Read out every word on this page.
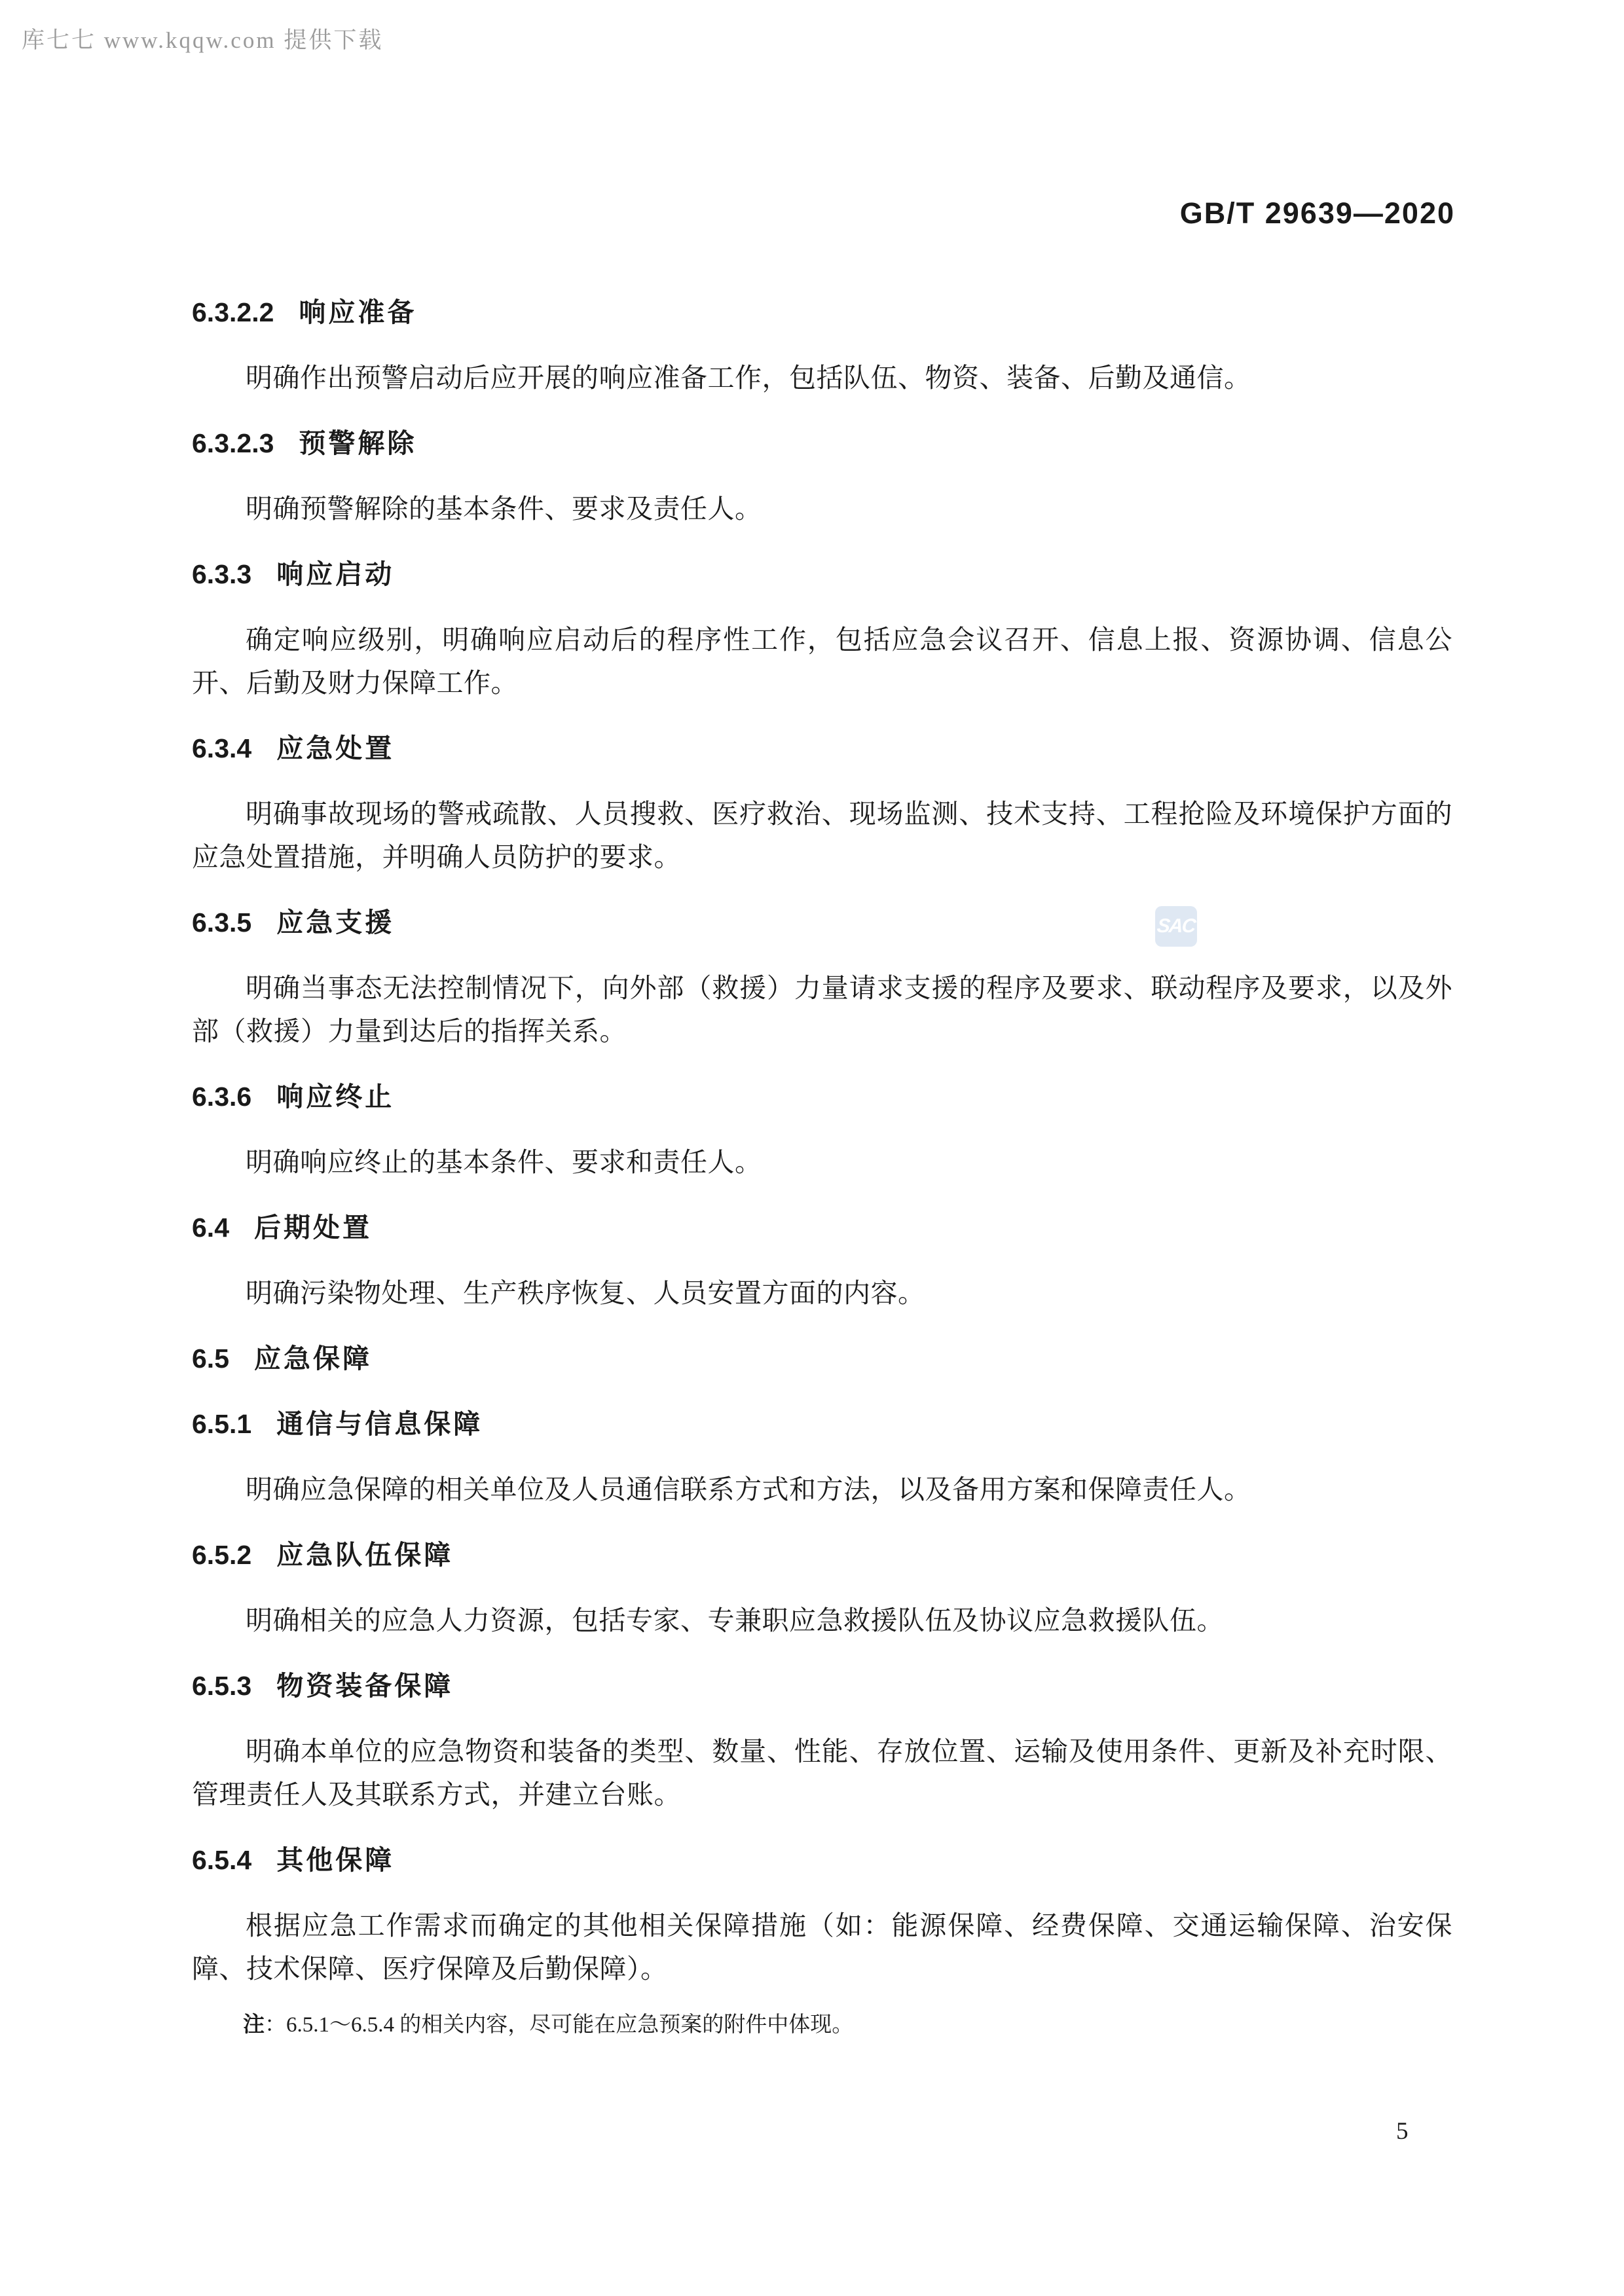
库七七 www.kqqw.com 提供下载
GB/T 29639—2020
SAC
6.3.2.2 响应准备

明确作出预警启动后应开展的响应准备工作，包括队伍、物资、装备、后勤及通信。

6.3.2.3 预警解除

明确预警解除的基本条件、要求及责任人。

6.3.3 响应启动

确定响应级别，明确响应启动后的程序性工作，包括应急会议召开、信息上报、资源协调、信息公开、后勤及财力保障工作。

6.3.4 应急处置

明确事故现场的警戒疏散、人员搜救、医疗救治、现场监测、技术支持、工程抢险及环境保护方面的应急处置措施，并明确人员防护的要求。

6.3.5 应急支援

明确当事态无法控制情况下，向外部（救援）力量请求支援的程序及要求、联动程序及要求，以及外部（救援）力量到达后的指挥关系。

6.3.6 响应终止

明确响应终止的基本条件、要求和责任人。

6.4 后期处置

明确污染物处理、生产秩序恢复、人员安置方面的内容。

6.5 应急保障
6.5.1 通信与信息保障

明确应急保障的相关单位及人员通信联系方式和方法，以及备用方案和保障责任人。

6.5.2 应急队伍保障

明确相关的应急人力资源，包括专家、专兼职应急救援队伍及协议应急救援队伍。

6.5.3 物资装备保障

明确本单位的应急物资和装备的类型、数量、性能、存放位置、运输及使用条件、更新及补充时限、管理责任人及其联系方式，并建立台账。

6.5.4 其他保障

根据应急工作需求而确定的其他相关保障措施（如：能源保障、经费保障、交通运输保障、治安保障、技术保障、医疗保障及后勤保障）。

注：6.5.1～6.5.4 的相关内容，尽可能在应急预案的附件中体现。
5
